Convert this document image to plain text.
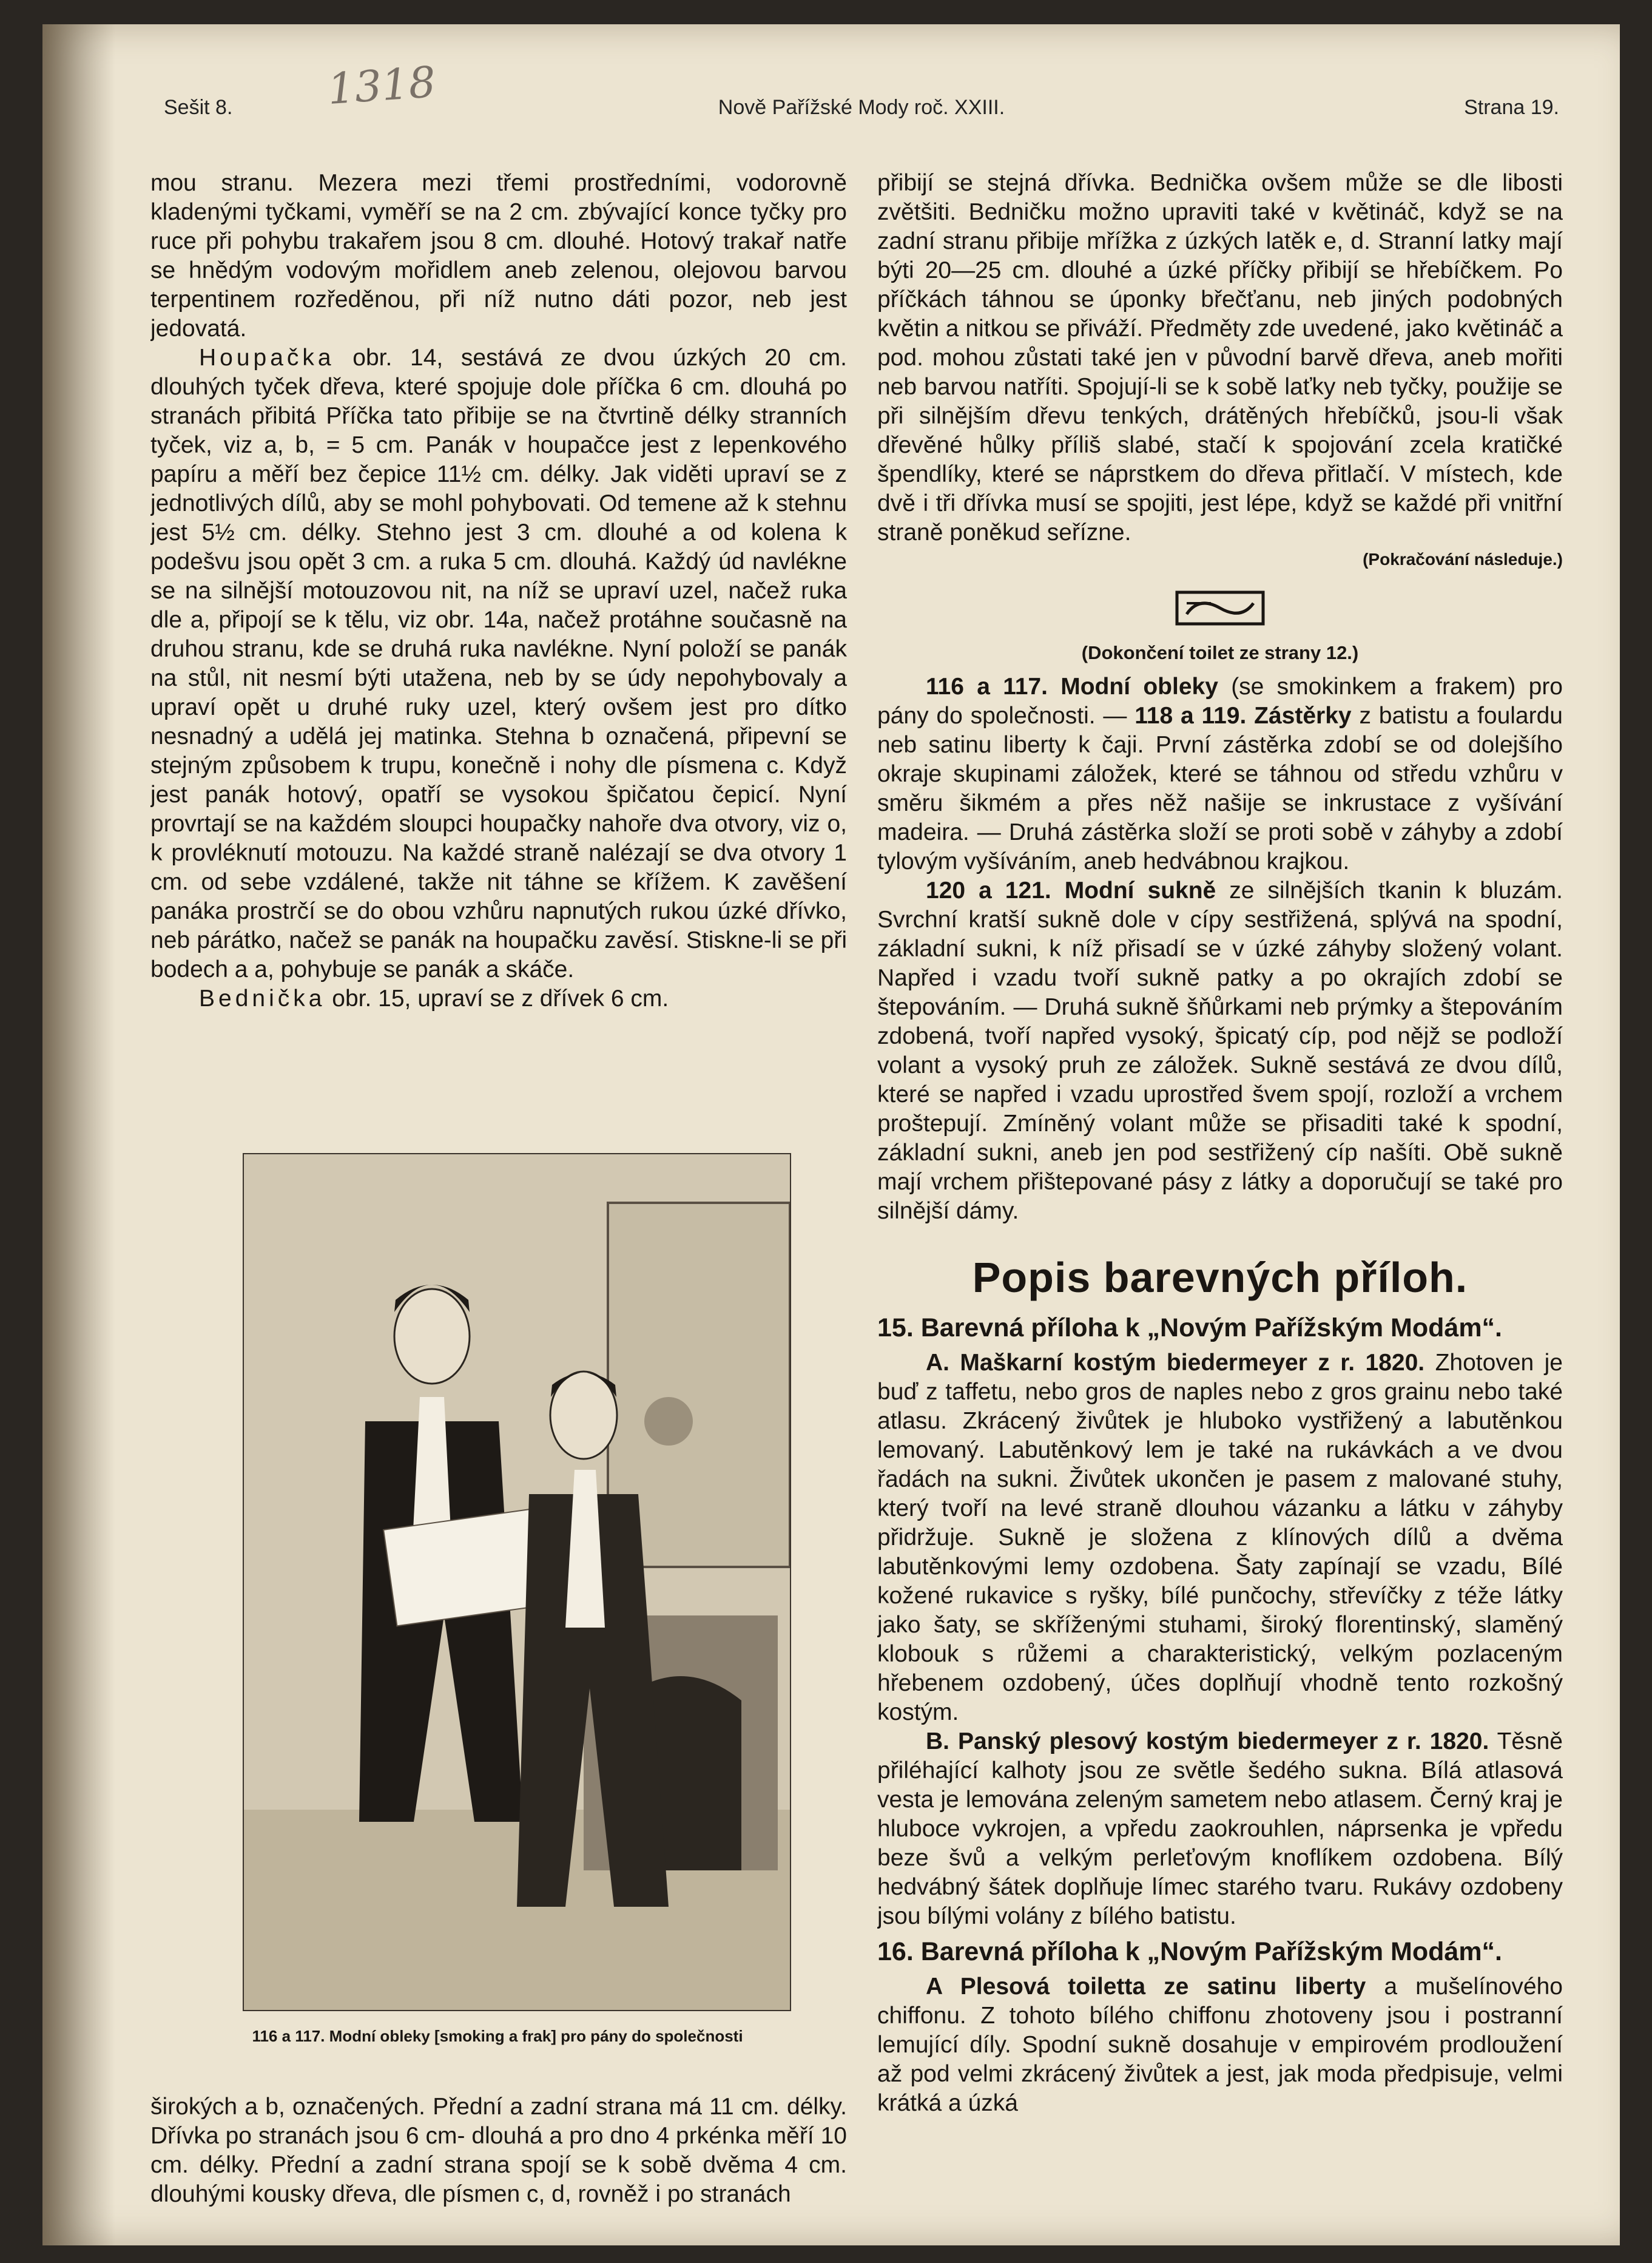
Sešit 8.	Nově Pařížské Mody roč. XXIII.	Strana 19.
1318

mou stranu. Mezera mezi třemi prostředními, vodorovně kladenými tyčkami, vyměří se na 2 cm. zbývající konce tyčky pro ruce při pohybu trakařem jsou 8 cm. dlouhé. Hotový trakař natře se hnědým vodovým mořidlem aneb zelenou, olejovou barvou terpentinem rozředěnou, při níž nutno dáti pozor, neb jest jedovatá.

Houpačka obr. 14, sestává ze dvou úzkých 20 cm. dlouhých tyček dřeva, které spojuje dole příčka 6 cm. dlouhá po stranách přibitá Příčka tato přibije se na čtvrtině délky stranních tyček, viz a, b, = 5 cm. Panák v houpačce jest z lepenkového papíru a měří bez čepice 11½ cm. délky. Jak viděti upraví se z jednotlivých dílů, aby se mohl pohybovati. Od temene až k stehnu jest 5½ cm. délky. Stehno jest 3 cm. dlouhé a od kolena k podešvu jsou opět 3 cm. a ruka 5 cm. dlouhá. Každý úd navlékne se na silnější motouzovou nit, na níž se upraví uzel, načež ruka dle a, připojí se k tělu, viz obr. 14a, načež protáhne současně na druhou stranu, kde se druhá ruka navlékne. Nyní položí se panák na stůl, nit nesmí býti utažena, neb by se údy nepohybovaly a upraví opět u druhé ruky uzel, který ovšem jest pro dítko nesnadný a udělá jej matinka. Stehna b označená, připevní se stejným způsobem k trupu, konečně i nohy dle písmena c. Když jest panák hotový, opatří se vysokou špičatou čepicí. Nyní provrtají se na každém sloupci houpačky nahoře dva otvory, viz o, k provléknutí motouzu. Na každé straně nalézají se dva otvory 1 cm. od sebe vzdálené, takže nit táhne se křížem. K zavěšení panáka prostrčí se do obou vzhůru napnutých rukou úzké dřívko, neb párátko, načež se panák na houpačku zavěsí. Stiskne-li se při bodech a a, pohybuje se panák a skáče.

Bednička obr. 15, upraví se z dřívek 6 cm.

116 a 117. Modní obleky [smoking a frak] pro pány do společnosti

širokých a b, označených. Přední a zadní strana má 11 cm. délky. Dřívka po stranách jsou 6 cm- dlouhá a pro dno 4 prkénka měří 10 cm. délky. Přední a zadní strana spojí se k sobě dvěma 4 cm. dlouhými kousky dřeva, dle písmen c, d, rovněž i po stranách

přibijí se stejná dřívka. Bednička ovšem může se dle libosti zvětšiti. Bedničku možno upraviti také v květináč, když se na zadní stranu přibije mřížka z úzkých latěk e, d. Stranní latky mají býti 20—25 cm. dlouhé a úzké příčky přibijí se hřebíčkem. Po příčkách táhnou se úponky břečťanu, neb jiných podobných květin a nitkou se přiváží. Předměty zde uvedené, jako květináč a pod. mohou zůstati také jen v původní barvě dřeva, aneb mořiti neb barvou natříti. Spojují-li se k sobě laťky neb tyčky, použije se při silnějším dřevu tenkých, drátěných hřebíčků, jsou-li však dřevěné hůlky příliš slabé, stačí k spojování zcela kratičké špendlíky, které se náprstkem do dřeva přitlačí. V místech, kde dvě i tři dřívka musí se spojiti, jest lépe, když se každé při vnitřní straně poněkud seřízne.

(Pokračování následuje.)
(Dokončení toilet ze strany 12.)

116 a 117. Modní obleky (se smokinkem a frakem) pro pány do společnosti. — 118 a 119. Zástěrky z batistu a foulardu neb satinu liberty k čaji. První zástěrka zdobí se od dolejšího okraje skupinami záložek, které se táhnou od středu vzhůru v směru šikmém a přes něž našije se inkrustace z vyšívání madeira. — Druhá zástěrka složí se proti sobě v záhyby a zdobí tylovým vyšíváním, aneb hedvábnou krajkou.

120 a 121. Modní sukně ze silnějších tkanin k bluzám. Svrchní kratší sukně dole v cípy sestřižená, splývá na spodní, základní sukni, k níž přisadí se v úzké záhyby složený volant. Napřed i vzadu tvoří sukně patky a po okrajích zdobí se štepováním. — Druhá sukně šňůrkami neb prýmky a štepováním zdobená, tvoří napřed vysoký, špicatý cíp, pod nějž se podloží volant a vysoký pruh ze záložek. Sukně sestává ze dvou dílů, které se napřed i vzadu uprostřed švem spojí, rozloží a vrchem proštepují. Zmíněný volant může se přisaditi také k spodní, základní sukni, aneb jen pod sestřižený cíp našíti. Obě sukně mají vrchem přištepované pásy z látky a doporučují se také pro silnější dámy.

Popis barevných příloh.
15. Barevná příloha k „Novým Pařížským Modám“.

A. Maškarní kostým biedermeyer z r. 1820. Zhotoven je buď z taffetu, nebo gros de naples nebo z gros grainu nebo také atlasu. Zkrácený živůtek je hluboko vystřižený a labutěnkou lemovaný. Labutěnkový lem je také na rukávkách a ve dvou řadách na sukni. Živůtek ukončen je pasem z malované stuhy, který tvoří na levé straně dlouhou vázanku a látku v záhyby přidržuje. Sukně je složena z klínových dílů a dvěma labutěnkovými lemy ozdobena. Šaty zapínají se vzadu, Bílé kožené rukavice s ryšky, bílé punčochy, střevíčky z téže látky jako šaty, se skříženými stuhami, široký florentinský, slaměný klobouk s růžemi a charakteristický, velkým pozlaceným hřebenem ozdobený, účes doplňují vhodně tento rozkošný kostým.

B. Panský plesový kostým biedermeyer z r. 1820. Těsně přiléhající kalhoty jsou ze světle šedého sukna. Bílá atlasová vesta je lemována zeleným sametem nebo atlasem. Černý kraj je hluboce vykrojen, a vpředu zaokrouhlen, náprsenka je vpředu beze švů a velkým perleťovým knoflíkem ozdobena. Bílý hedvábný šátek doplňuje límec starého tvaru. Rukávy ozdobeny jsou bílými volány z bílého batistu.

16. Barevná příloha k „Novým Pařížským Modám“.

A Plesová toiletta ze satinu liberty a mušelínového chiffonu. Z tohoto bílého chiffonu zhotoveny jsou i postranní lemující díly. Spodní sukně dosahuje v empirovém prodloužení až pod velmi zkrácený živůtek a jest, jak moda předpisuje, velmi krátká a úzká
